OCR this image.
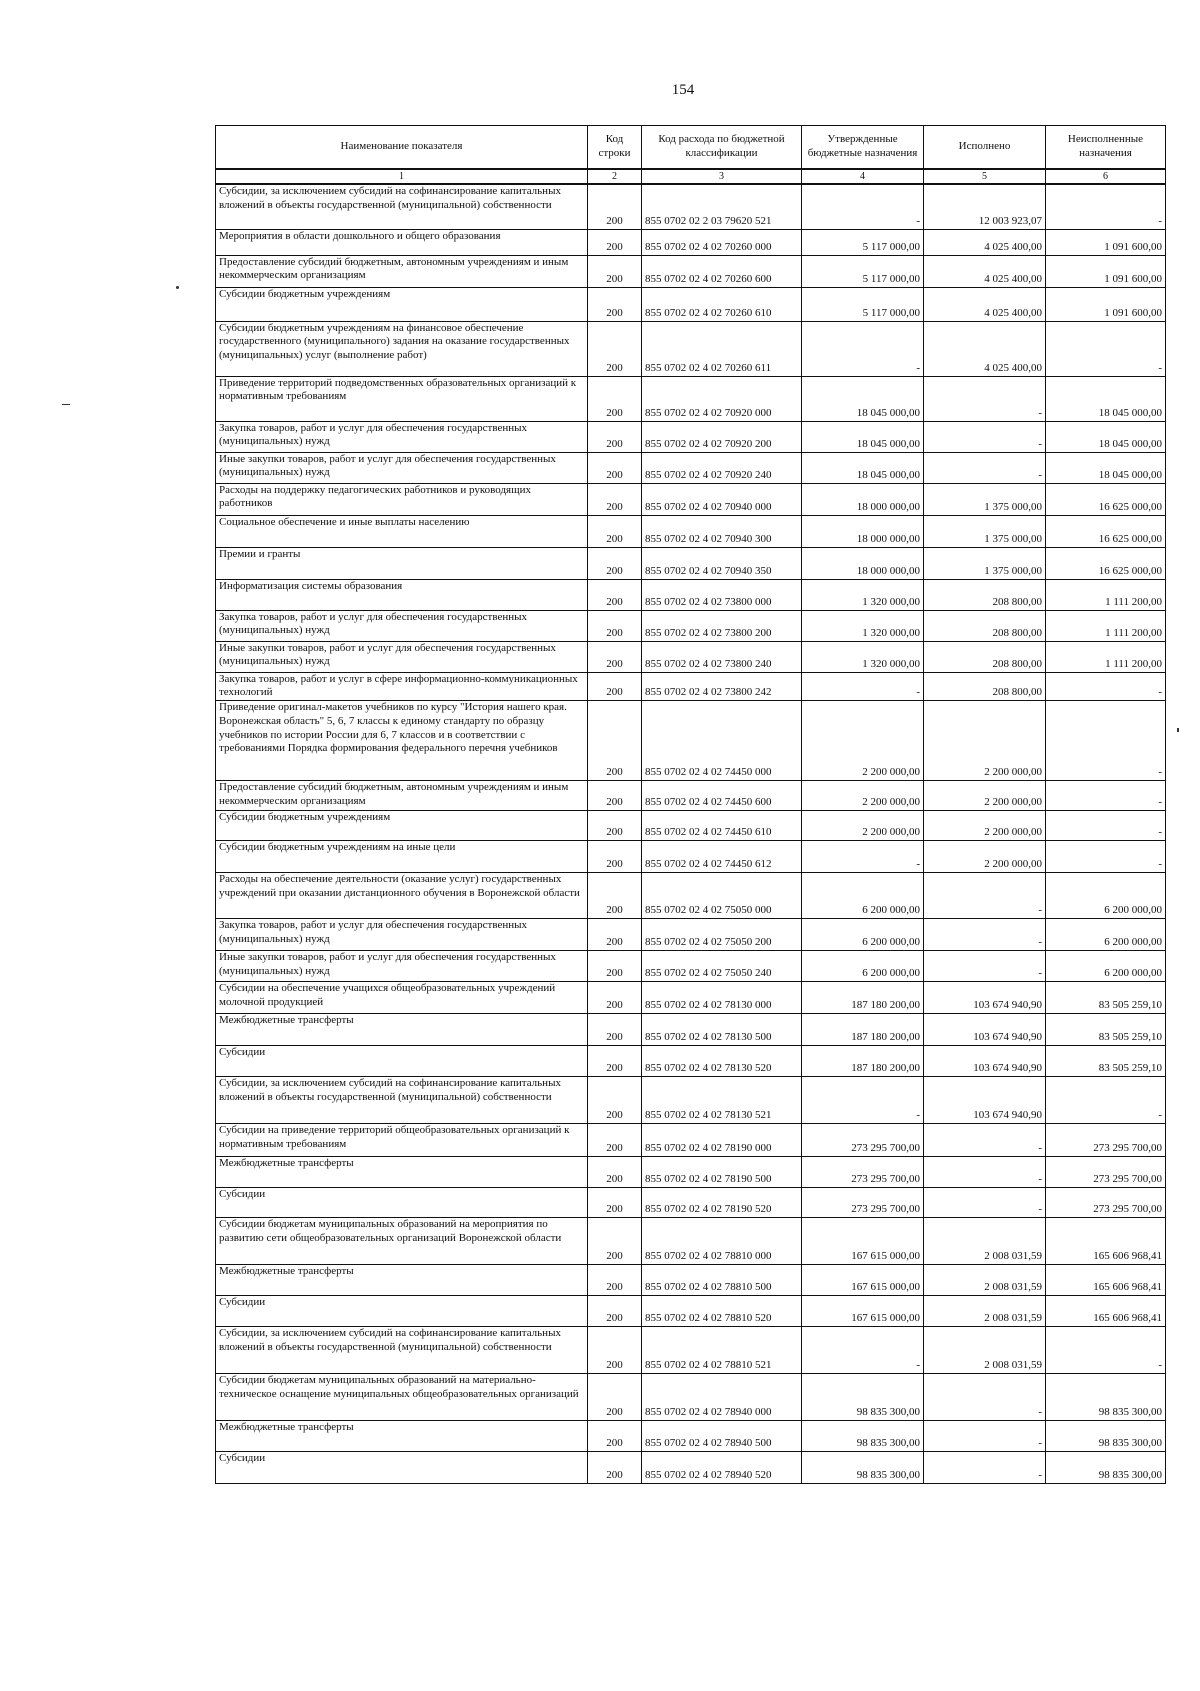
154
Наименование показателя	Код строки	Код расхода по бюджетной классификации	Утвержденные бюджетные назначения	Исполнено	Неисполненные назначения
1	2	3	4	5	6
Субсидии, за исключением субсидий на софинансирование капитальных вложений в объекты государственной (муниципальной) собственности	200	855 0702 02 2 03 79620 521	-	12 003 923,07	-
Мероприятия в области дошкольного и общего образования	200	855 0702 02 4 02 70260 000	5 117 000,00	4 025 400,00	1 091 600,00
Предоставление субсидий бюджетным, автономным учреждениям и иным некоммерческим организациям	200	855 0702 02 4 02 70260 600	5 117 000,00	4 025 400,00	1 091 600,00
Субсидии бюджетным учреждениям	200	855 0702 02 4 02 70260 610	5 117 000,00	4 025 400,00	1 091 600,00
Субсидии бюджетным учреждениям на финансовое обеспечение государственного (муниципального) задания на оказание государственных (муниципальных) услуг (выполнение работ)	200	855 0702 02 4 02 70260 611	-	4 025 400,00	-
Приведение территорий подведомственных образовательных организаций к нормативным требованиям	200	855 0702 02 4 02 70920 000	18 045 000,00	-	18 045 000,00
Закупка товаров, работ и услуг для обеспечения государственных (муниципальных) нужд	200	855 0702 02 4 02 70920 200	18 045 000,00	-	18 045 000,00
Иные закупки товаров, работ и услуг для обеспечения государственных (муниципальных) нужд	200	855 0702 02 4 02 70920 240	18 045 000,00	-	18 045 000,00
Расходы на поддержку педагогических работников и руководящих работников	200	855 0702 02 4 02 70940 000	18 000 000,00	1 375 000,00	16 625 000,00
Социальное обеспечение и иные выплаты населению	200	855 0702 02 4 02 70940 300	18 000 000,00	1 375 000,00	16 625 000,00
Премии и гранты	200	855 0702 02 4 02 70940 350	18 000 000,00	1 375 000,00	16 625 000,00
Информатизация системы образования	200	855 0702 02 4 02 73800 000	1 320 000,00	208 800,00	1 111 200,00
Закупка товаров, работ и услуг для обеспечения государственных (муниципальных) нужд	200	855 0702 02 4 02 73800 200	1 320 000,00	208 800,00	1 111 200,00
Иные закупки товаров, работ и услуг для обеспечения государственных (муниципальных) нужд	200	855 0702 02 4 02 73800 240	1 320 000,00	208 800,00	1 111 200,00
Закупка товаров, работ и услуг в сфере информационно-коммуникационных технологий	200	855 0702 02 4 02 73800 242	-	208 800,00	-
Приведение оригинал-макетов учебников по курсу "История нашего края. Воронежская область" 5, 6, 7 классы к единому стандарту по образцу учебников по истории России для 6, 7 классов и в соответствии с требованиями Порядка формирования федерального перечня учебников	200	855 0702 02 4 02 74450 000	2 200 000,00	2 200 000,00	-
Предоставление субсидий бюджетным, автономным учреждениям и иным некоммерческим организациям	200	855 0702 02 4 02 74450 600	2 200 000,00	2 200 000,00	-
Субсидии бюджетным учреждениям	200	855 0702 02 4 02 74450 610	2 200 000,00	2 200 000,00	-
Субсидии бюджетным учреждениям на иные цели	200	855 0702 02 4 02 74450 612	-	2 200 000,00	-
Расходы на обеспечение деятельности (оказание услуг) государственных учреждений при оказании дистанционного обучения в Воронежской области	200	855 0702 02 4 02 75050 000	6 200 000,00	-	6 200 000,00
Закупка товаров, работ и услуг для обеспечения государственных (муниципальных) нужд	200	855 0702 02 4 02 75050 200	6 200 000,00	-	6 200 000,00
Иные закупки товаров, работ и услуг для обеспечения государственных (муниципальных) нужд	200	855 0702 02 4 02 75050 240	6 200 000,00	-	6 200 000,00
Субсидии на обеспечение учащихся общеобразовательных учреждений молочной продукцией	200	855 0702 02 4 02 78130 000	187 180 200,00	103 674 940,90	83 505 259,10
Межбюджетные трансферты	200	855 0702 02 4 02 78130 500	187 180 200,00	103 674 940,90	83 505 259,10
Субсидии	200	855 0702 02 4 02 78130 520	187 180 200,00	103 674 940,90	83 505 259,10
Субсидии, за исключением субсидий на софинансирование капитальных вложений в объекты государственной (муниципальной) собственности	200	855 0702 02 4 02 78130 521	-	103 674 940,90	-
Субсидии на приведение территорий общеобразовательных организаций к нормативным требованиям	200	855 0702 02 4 02 78190 000	273 295 700,00	-	273 295 700,00
Межбюджетные трансферты	200	855 0702 02 4 02 78190 500	273 295 700,00	-	273 295 700,00
Субсидии	200	855 0702 02 4 02 78190 520	273 295 700,00	-	273 295 700,00
Субсидии бюджетам муниципальных образований на мероприятия по развитию сети общеобразовательных организаций Воронежской области	200	855 0702 02 4 02 78810 000	167 615 000,00	2 008 031,59	165 606 968,41
Межбюджетные трансферты	200	855 0702 02 4 02 78810 500	167 615 000,00	2 008 031,59	165 606 968,41
Субсидии	200	855 0702 02 4 02 78810 520	167 615 000,00	2 008 031,59	165 606 968,41
Субсидии, за исключением субсидий на софинансирование капитальных вложений в объекты государственной (муниципальной) собственности	200	855 0702 02 4 02 78810 521	-	2 008 031,59	-
Субсидии бюджетам муниципальных образований на материально-техническое оснащение муниципальных общеобразовательных организаций	200	855 0702 02 4 02 78940 000	98 835 300,00	-	98 835 300,00
Межбюджетные трансферты	200	855 0702 02 4 02 78940 500	98 835 300,00	-	98 835 300,00
Субсидии	200	855 0702 02 4 02 78940 520	98 835 300,00	-	98 835 300,00
